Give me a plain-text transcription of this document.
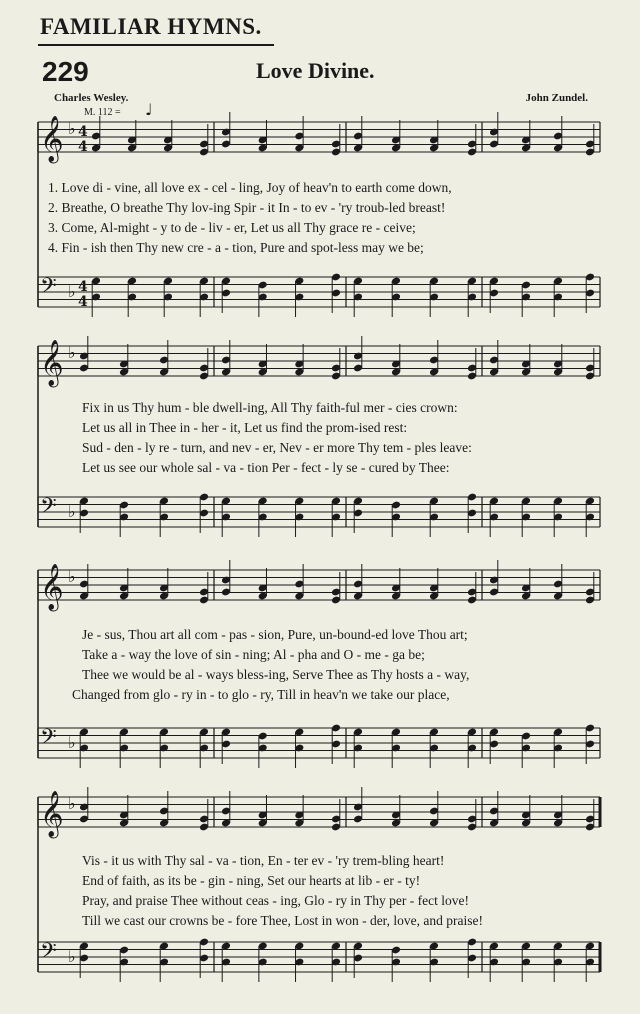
FAMILIAR HYMNS.
229	Love Divine.
Charles Wesley.	John Zundel.
M. 112 = ♩
𝄞 ♭ 4
4
𝄢 ♭ 4
4
𝄞 ♭
𝄢 ♭
𝄞 ♭
𝄢 ♭
𝄞 ♭
𝄢 ♭
1. Love di - vine, all love ex - cel - ling, Joy of heav'n to earth come down,
2. Breathe, O breathe Thy lov-ing Spir - it In - to ev - 'ry troub-led breast!
3. Come, Al-might - y to de - liv - er, Let us all Thy grace re - ceive;
4. Fin - ish then Thy new cre - a - tion, Pure and spot-less may we be;
Fix in us Thy hum - ble dwell-ing, All Thy faith-ful mer - cies crown:
Let us all in Thee in - her - it, Let us find the prom-ised rest:
Sud - den - ly re - turn, and nev - er, Nev - er more Thy tem - ples leave:
Let us see our whole sal - va - tion Per - fect - ly se - cured by Thee:
Je - sus, Thou art all com - pas - sion, Pure, un-bound-ed love Thou art;
Take a - way the love of sin - ning; Al - pha and O - me - ga be;
Thee we would be al - ways bless-ing, Serve Thee as Thy hosts a - way,
Changed from glo - ry in - to glo - ry, Till in heav'n we take our place,
Vis - it us with Thy sal - va - tion, En - ter ev - 'ry trem-bling heart!
End of faith, as its be - gin - ning, Set our hearts at lib - er - ty!
Pray, and praise Thee without ceas - ing, Glo - ry in Thy per - fect love!
Till we cast our crowns be - fore Thee, Lost in won - der, love, and praise!
